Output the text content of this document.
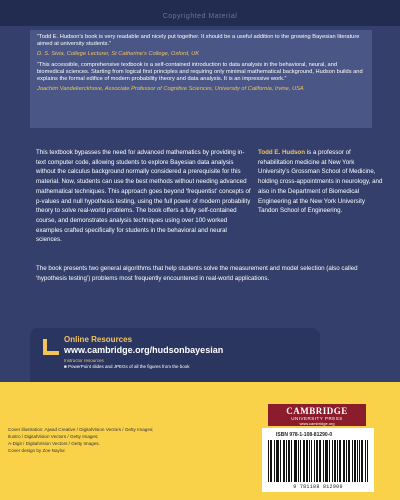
Copyrighted Material

“Todd E. Hudson’s book is very readable and nicely put together. It should be a useful addition to the growing Bayesian literature aimed at university students.”

D. S. Sivia, College Lecturer, St Catherine’s College, Oxford, UK

“This accessible, comprehensive textbook is a self-contained introduction to data analysis in the behavioral, neural, and biomedical sciences. Starting from logical first principles and requiring only minimal mathematical background, Hudson builds and explains the formal edifice of modern probability theory and data analysis. It is an impressive work.”

Joachim Vandekerckhove, Associate Professor of Cognitive Sciences, University of California, Irvine, USA

This textbook bypasses the need for advanced mathematics by providing in-text computer code, allowing students to explore Bayesian data analysis without the calculus background normally considered a prerequisite for this material. Now, students can use the best methods without needing advanced mathematical techniques. This approach goes beyond ‘frequentist’ concepts of p-values and null hypothesis testing, using the full power of modern probability theory to solve real-world problems. The book offers a fully self-contained course, and demonstrates analysis techniques using over 100 worked examples crafted specifically for students in the behavioral and neural sciences.

Todd E. Hudson is a professor of rehabilitation medicine at New York University’s Grossman School of Medicine, holding cross-appointments in neurology, and also in the Department of Biomedical Engineering at the New York University Tandon School of Engineering.
The book presents two general algorithms that help students solve the measurement and model selection (also called ‘hypothesis testing’) problems most frequently encountered in real-world applications.
Online Resources
www.cambridge.org/hudsonbayesian
Instructor resources
■ PowerPoint slides and JPEGs of all the figures from the book
Cover illustration: Ajwad Creative / DigitalVision Vectors / Getty Images;
Ilustro / DigitalVision Vectors / Getty Images;
A-Digit / DigitalVision Vectors / Getty Images.
Cover design by Zoe Naylor.
CAMBRIDGE
UNIVERSITY PRESS
www.cambridge.org
ISBN 978-1-108-81290-0
9 781108 812900
